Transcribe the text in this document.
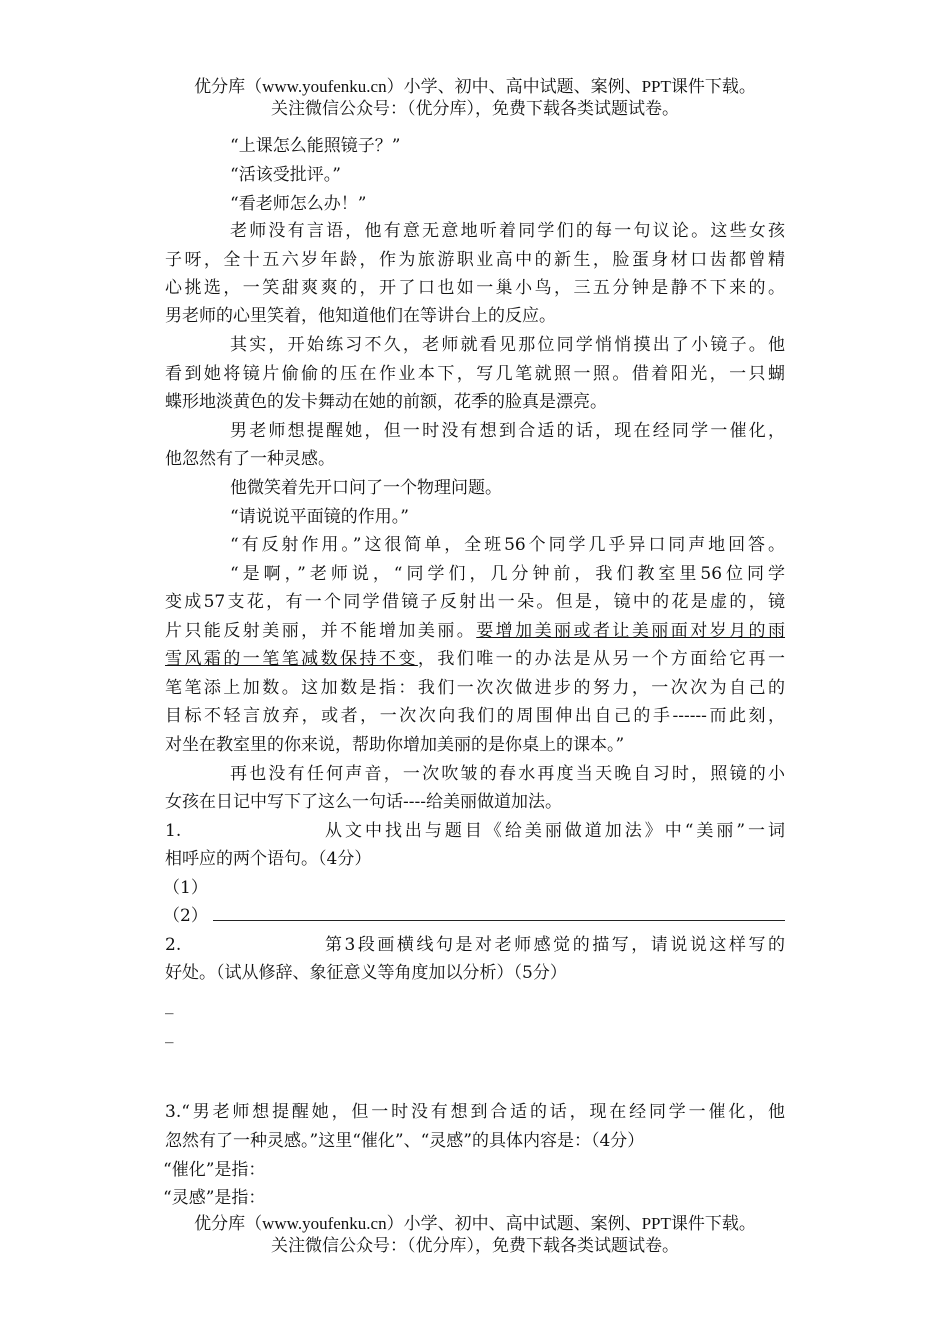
优分库（www.youfenku.cn）小学、初中、高中试题、案例、PPT课件下载。
关注微信公众号：（优分库），免费下载各类试题试卷。
“上课怎么能照镜子？”
“活该受批评。”
“看老师怎么办！”
老师没有言语，他有意无意地听着同学们的每一句议论。这些女孩
子呀，全十五六岁年龄，作为旅游职业高中的新生，脸蛋身材口齿都曾精
心挑选，一笑甜爽爽的，开了口也如一巢小鸟，三五分钟是静不下来的。
男老师的心里笑着，他知道他们在等讲台上的反应。
其实，开始练习不久，老师就看见那位同学悄悄摸出了小镜子。他
看到她将镜片偷偷的压在作业本下，写几笔就照一照。借着阳光，一只蝴
蝶形地淡黄色的发卡舞动在她的前额，花季的脸真是漂亮。
男老师想提醒她，但一时没有想到合适的话，现在经同学一催化，
他忽然有了一种灵感。
他微笑着先开口问了一个物理问题。
“请说说平面镜的作用。”
“有反射作用。”这很简单，全班56个同学几乎异口同声地回答。
“是啊，”老师说，“同学们，几分钟前，我们教室里56位同学
变成57支花，有一个同学借镜子反射出一朵。但是，镜中的花是虚的，镜
片只能反射美丽，并不能增加美丽。要增加美丽或者让美丽面对岁月的雨
雪风霜的一笔笔减数保持不变，我们唯一的办法是从另一个方面给它再一
笔笔添上加数。这加数是指：我们一次次做进步的努力，一次次为自己的
目标不轻言放弃，或者，一次次向我们的周围伸出自己的手------而此刻，
对坐在教室里的你来说，帮助你增加美丽的是你桌上的课本。”
再也没有任何声音，一次吹皱的春水再度当天晚自习时，照镜的小
女孩在日记中写下了这么一句话----给美丽做道加法。
1.	从文中找出与题目《给美丽做道加法》中“美丽”一词
相呼应的两个语句。（4分）
（1）
（2）
2.	第3段画横线句是对老师感觉的描写，请说说这样写的
好处。（试从修辞、象征意义等角度加以分析）（5分）
_
_
3.“男老师想提醒她，但一时没有想到合适的话，现在经同学一催化，他
忽然有了一种灵感。”这里“催化”、“灵感”的具体内容是：（4分）
“催化”是指：
“灵感”是指：
优分库（www.youfenku.cn）小学、初中、高中试题、案例、PPT课件下载。
关注微信公众号：（优分库），免费下载各类试题试卷。
